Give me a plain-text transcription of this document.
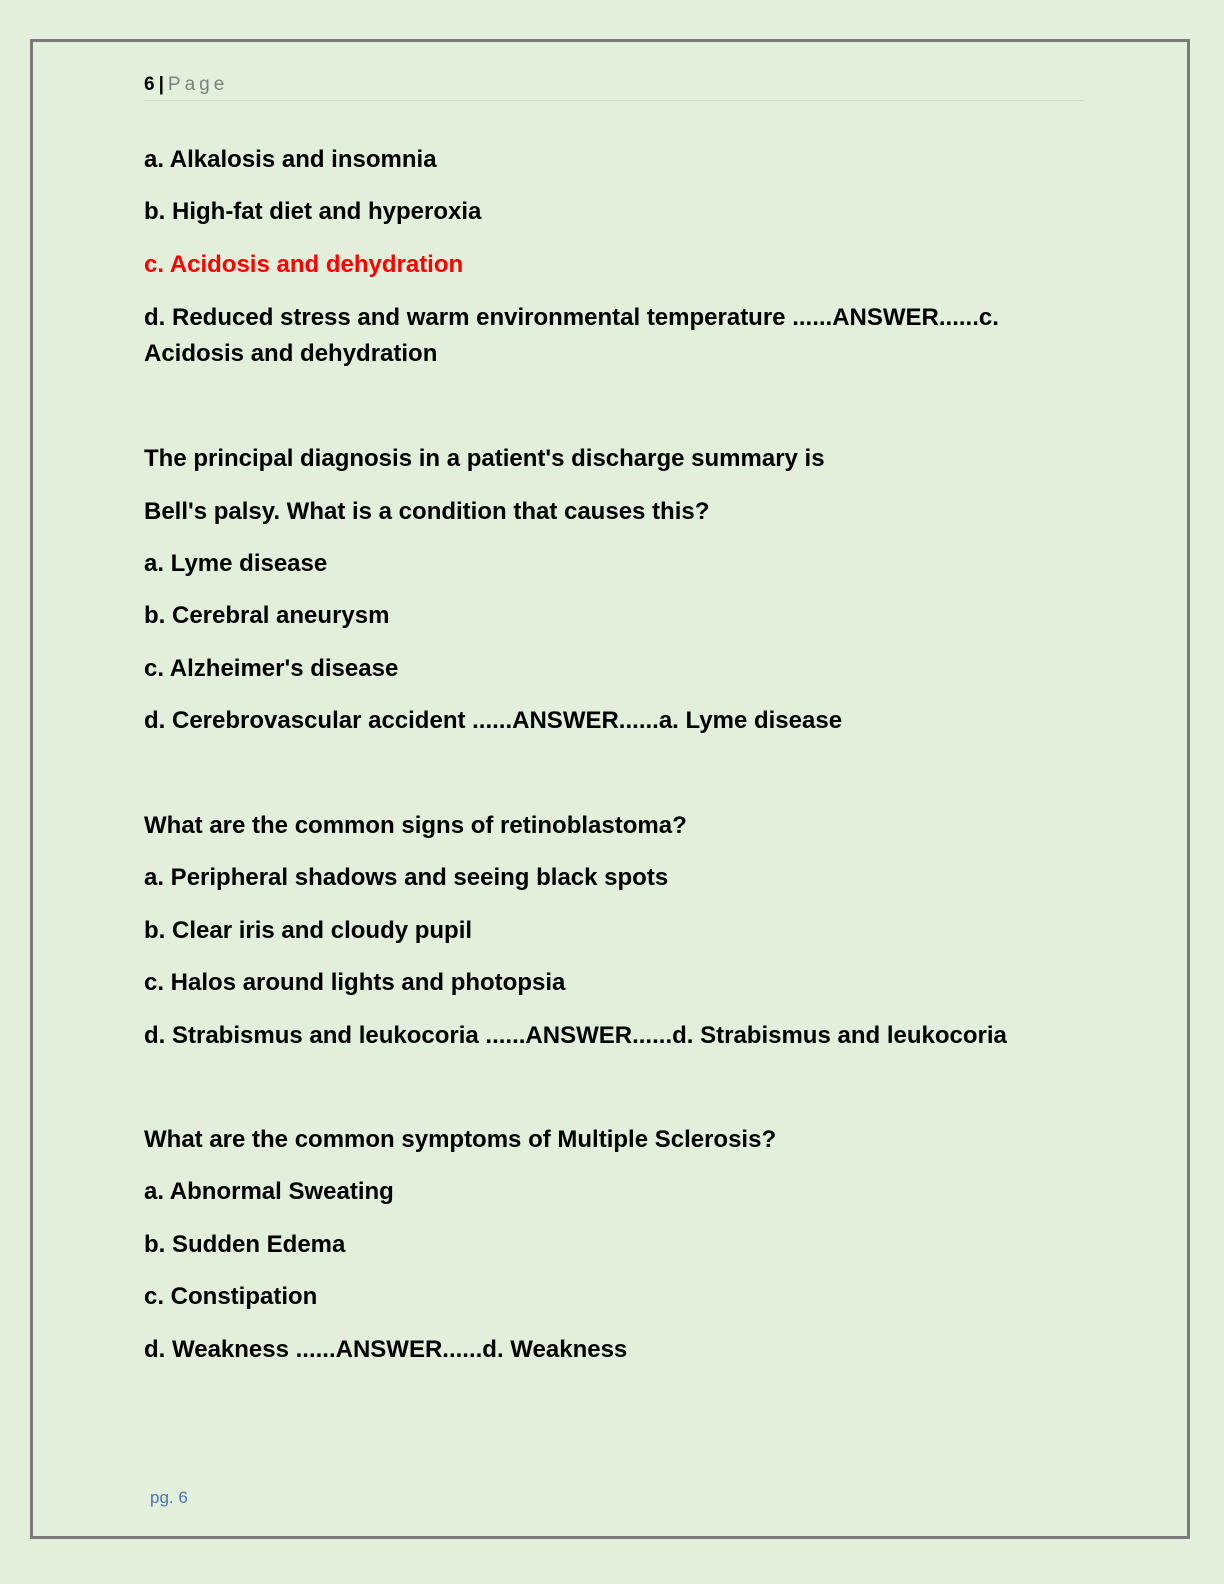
6 | Page
a. Alkalosis and insomnia
b. High-fat diet and hyperoxia
c. Acidosis and dehydration
d. Reduced stress and warm environmental temperature ......ANSWER......c.
Acidosis and dehydration
The principal diagnosis in a patient's discharge summary is
Bell's palsy. What is a condition that causes this?
a. Lyme disease
b. Cerebral aneurysm
c. Alzheimer's disease
d. Cerebrovascular accident ......ANSWER......a. Lyme disease
What are the common signs of retinoblastoma?
a. Peripheral shadows and seeing black spots
b. Clear iris and cloudy pupil
c. Halos around lights and photopsia
d. Strabismus and leukocoria ......ANSWER......d. Strabismus and leukocoria
What are the common symptoms of Multiple Sclerosis?
a. Abnormal Sweating
b. Sudden Edema
c. Constipation
d. Weakness ......ANSWER......d. Weakness
pg. 6
